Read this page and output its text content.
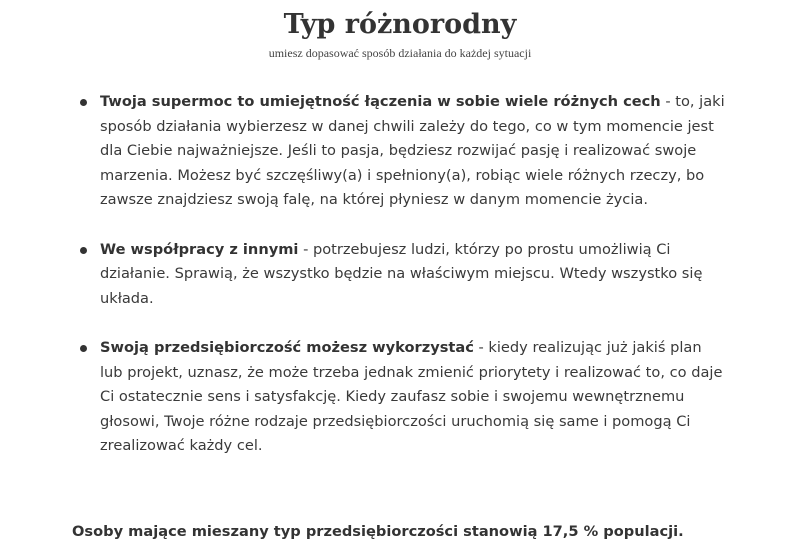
Typ różnorodny

umiesz dopasować sposób działania do każdej sytuacji

Twoja supermoc to umiejętność łączenia w sobie wiele różnych cech - to, jaki sposób działania wybierzesz w danej chwili zależy do tego, co w tym momencie jest dla Ciebie najważniejsze. Jeśli to pasja, będziesz rozwijać pasję i realizować swoje marzenia. Możesz być szczęśliwy(a) i spełniony(a), robiąc wiele różnych rzeczy, bo zawsze znajdziesz swoją falę, na której płyniesz w danym momencie życia.
We współpracy z innymi - potrzebujesz ludzi, którzy po prostu umożliwią Ci działanie. Sprawią, że wszystko będzie na właściwym miejscu. Wtedy wszystko się układa.
Swoją przedsiębiorczość możesz wykorzystać - kiedy realizując już jakiś plan lub projekt, uznasz, że może trzeba jednak zmienić priorytety i realizować to, co daje Ci ostatecznie sens i satysfakcję. Kiedy zaufasz sobie i swojemu wewnętrznemu głosowi, Twoje różne rodzaje przedsiębiorczości uruchomią się same i pomogą Ci zrealizować każdy cel.

Osoby mające mieszany typ przedsiębiorczości stanowią 17,5 % populacji.
